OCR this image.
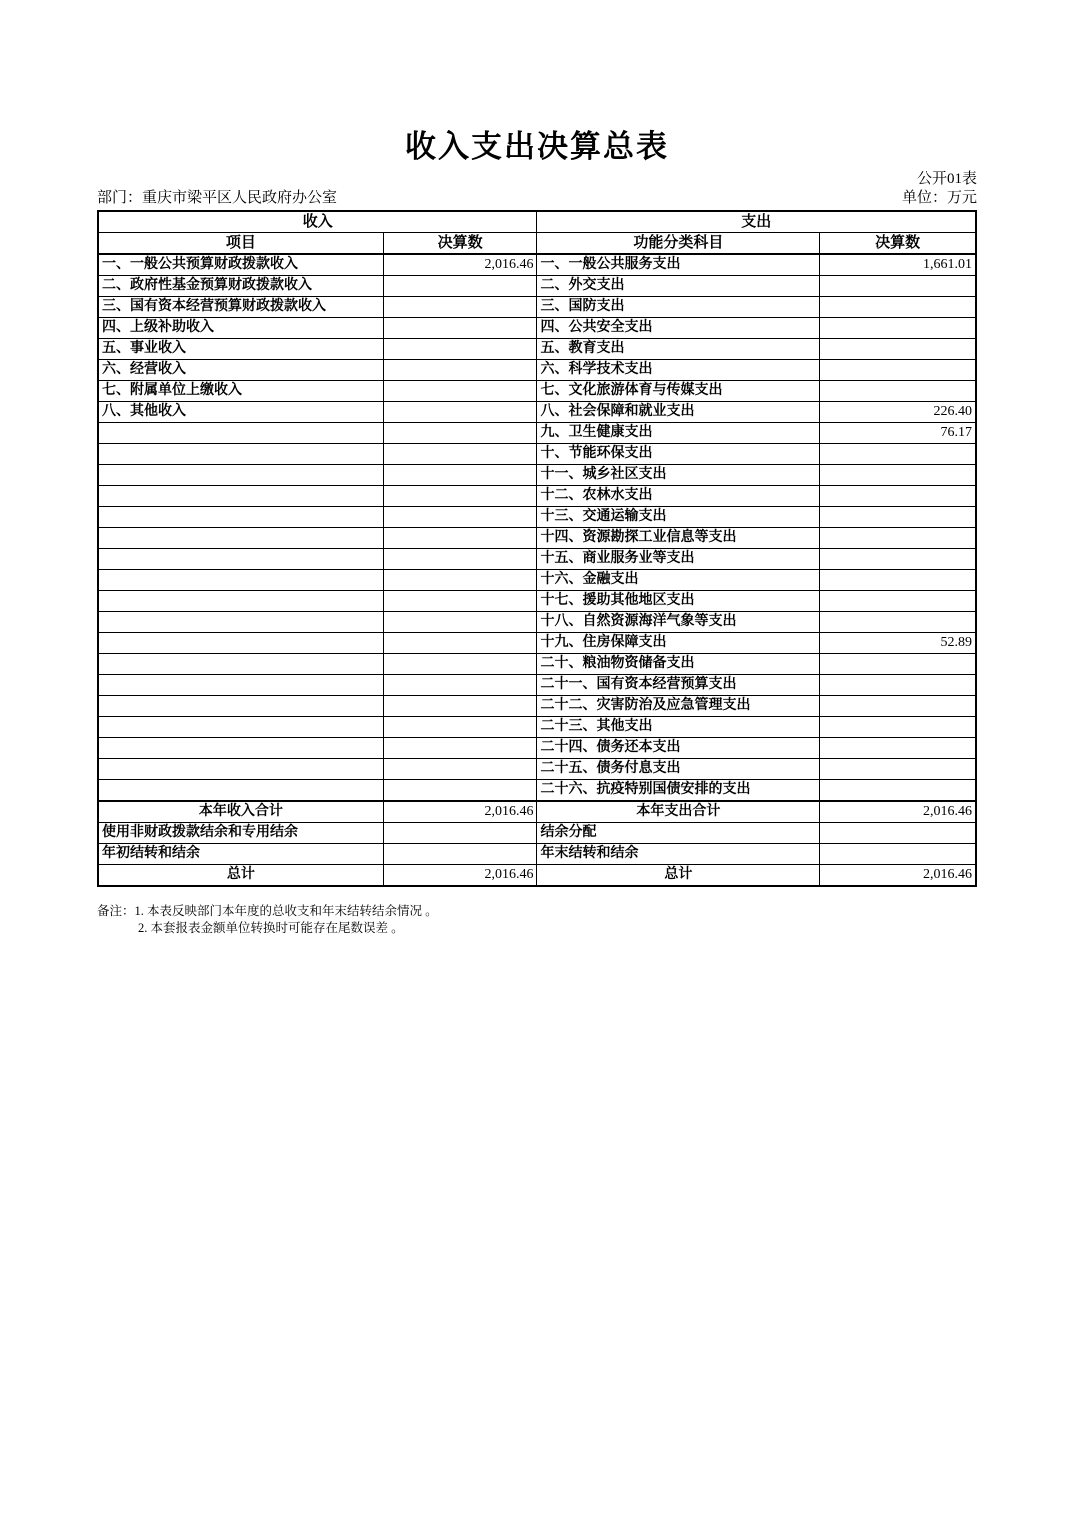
收入支出决算总表
公开01表
部门：重庆市梁平区人民政府办公室	单位：万元
收入		支出	
项目	决算数	功能分类科目	决算数
一、一般公共预算财政拨款收入	2,016.46	一、一般公共服务支出	1,661.01
二、政府性基金预算财政拨款收入		二、外交支出	
三、国有资本经营预算财政拨款收入		三、国防支出	
四、上级补助收入		四、公共安全支出	
五、事业收入		五、教育支出	
六、经营收入		六、科学技术支出	
七、附属单位上缴收入		七、文化旅游体育与传媒支出	
八、其他收入		八、社会保障和就业支出	226.40
		九、卫生健康支出	76.17
		十、节能环保支出	
		十一、城乡社区支出	
		十二、农林水支出	
		十三、交通运输支出	
		十四、资源勘探工业信息等支出	
		十五、商业服务业等支出	
		十六、金融支出	
		十七、援助其他地区支出	
		十八、自然资源海洋气象等支出	
		十九、住房保障支出	52.89
		二十、粮油物资储备支出	
		二十一、国有资本经营预算支出	
		二十二、灾害防治及应急管理支出	
		二十三、其他支出	
		二十四、债务还本支出	
		二十五、债务付息支出	
		二十六、抗疫特别国债安排的支出	
本年收入合计	2,016.46	本年支出合计	2,016.46
使用非财政拨款结余和专用结余		结余分配	
年初结转和结余		年末结转和结余	
总计	2,016.46	总计	2,016.46
备注：1. 本表反映部门本年度的总收支和年末结转结余情况 。
2. 本套报表金额单位转换时可能存在尾数误差 。
